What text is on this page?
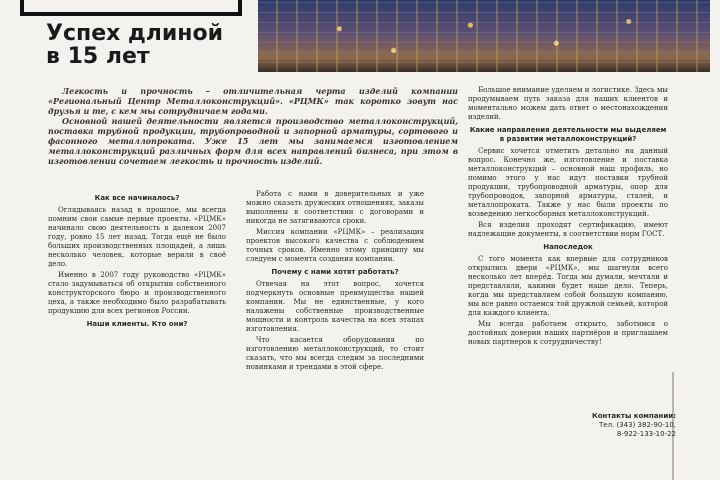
Успех длиной
в 15 лет

Легкость и прочность – отличительная черта изделий компании «Региональный Центр Металлоконструкций». «РЦМК» так коротко зовут нас друзья и те, с кем мы сотрудничаем годами.

Основной нашей деятельности является производство металлоконструкций, поставка трубной продукции, трубопроводной и запорной арматуры, сортового и фасонного металлопроката. Уже 15 лет мы занимаемся изготовлением металлоконструкций различных форм для всех направлений бизнеса, при этом в изготовлении сочетаем легкость и прочность изделий.

Как все начиналось?

Оглядываясь назад в прошлое, мы всегда помним свои самые первые проекты. «РЦМК» начинало свою деятельность в далеком 2007 году, ровно 15 лет назад. Тогда ещё не было больших производственных площадей, а лишь несколько человек, которые верили в своё дело.

Именно в 2007 году руководство «РЦМК» стало задумываться об открытии собственного конструкторского бюро и производственного цеха, а также необходимо было разрабатывать продукцию для всех регионов России.

Наши клиенты. Кто они?

Работа с нами в доверительных и уже можно сказать дружеских отношениях, заказы выполнены в соответствии с договорами и никогда не затягиваются сроки.

Миссия компании «РЦМК» – реализация проектов высокого качества с соблюдением точных сроков. Именно этому принципу мы следуем с момента создания компании.

Почему с нами хотят работать?

Отвечая на этот вопрос, хочется подчеркнуть основные преимущества нашей компании. Мы не единственные, у кого налажены собственные производственные мощности и контроль качества на всех этапах изготовления.

Что касается оборудования по изготовлению металлоконструкций, то стоит сказать, что мы всегда следим за последними новинками и трендами в этой сфере.

Большое внимание уделяем и логистике. Здесь мы продумываем путь заказа для наших клиентов и моментально можем дать ответ о местонахождении изделий.

Какие направления деятельности мы выделяем в развитии металлоконструкций?

Сервис хочется отметить детально на данный вопрос. Конечно же, изготовление и поставка металлоконструкций – основной наш профиль, но помимо этого у нас идут поставки трубной продукции, трубопроводной арматуры, опор для трубопроводов, запорной арматуры, сталей, и металлопроката. Также у нас были проекты по возведению легкосборных металлоконструкций.

Вся изделия проходят сертификацию, имеют надлежащие документы, в соответствии норм ГОСТ.

Напоследок

С того момента как впервые для сотрудников открылись двери «РЦМК», мы шагнули всего несколько лет вперёд. Тогда мы думали, мечтали и представляли, какими будет наше дело. Теперь, когда мы представляем собой большую компанию, мы все равно остаемся той дружной семьей, которой для каждого клиента.

Мы всегда работаем открыто, заботимся о достойных доверии наших партнёров и приглашаем новых партнеров к сотрудничеству!

Контакты компании:
Тел. (343) 382-90-10,
8-922-133-10-22
